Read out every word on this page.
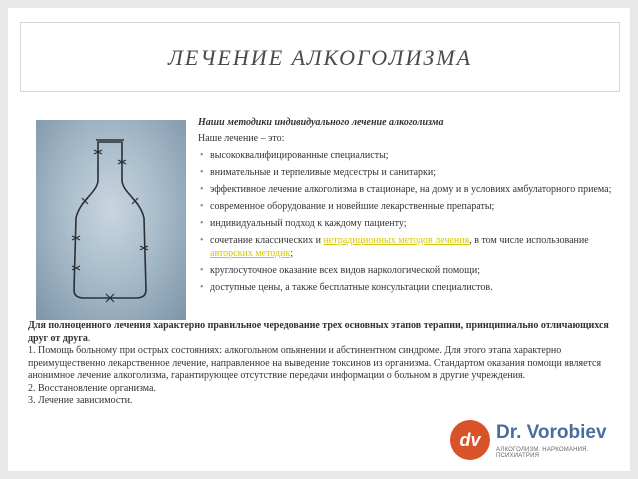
ЛЕЧЕНИЕ АЛКОГОЛИЗМА
Наши методики индивидуального лечение алкоголизма
Наше лечение – это:
• высококвалифицированные специалисты;
• внимательные и терпеливые медсестры и санитарки;
• эффективное лечение алкоголизма в стационаре, на дому и в условиях амбулаторного приема;
• современное оборудование и новейшие лекарственные препараты;
• индивидуальный подход к каждому пациенту;
• сочетание классических и нетрадиционных методов лечения, в том числе использование авторских методик;
• круглосуточное оказание всех видов наркологической помощи;
• доступные цены, а также бесплатные консультации специалистов.
Для полноценного лечения характерно правильное чередование трех основных этапов терапии, принципиально отличающихся друг от друга.
1. Помощь больному при острых состояниях: алкогольном опьянении и абстинентном синдроме. Для этого этапа характерно преимущественно лекарственное лечение, направленное на выведение токсинов из организма. Стандартом оказания помощи является анонимное лечение алкоголизма, гарантирующее отсутствие передачи информации о больном в другие учреждения.
2. Восстановление организма.
3. Лечение зависимости.
dv Dr. Vorobiev
АЛКОГОЛИЗМ. НАРКОМАНИЯ. ПСИХИАТРИЯ
